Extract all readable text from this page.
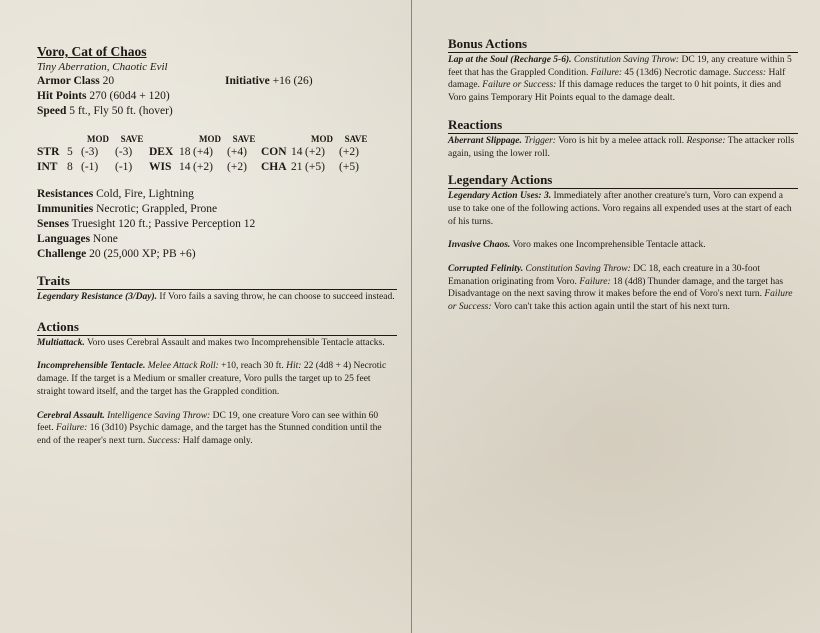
Voro, Cat of Chaos

Tiny Aberration, Chaotic Evil

Armor Class 20	Initiative +16 (26)

Hit Points 270 (60d4 + 120)

Speed 5 ft., Fly 50 ft. (hover)

		MOD	SAVE			MOD	SAVE			MOD	SAVE
STR	5	(-3)	(-3)	DEX	18	(+4)	(+4)	CON	14	(+2)	(+2)
INT	8	(-1)	(-1)	WIS	14	(+2)	(+2)	CHA	21	(+5)	(+5)

Resistances Cold, Fire, Lightning

Immunities Necrotic; Grappled, Prone

Senses Truesight 120 ft.; Passive Perception 12

Languages None

Challenge 20 (25,000 XP; PB +6)

Traits

Legendary Resistance (3/Day). If Voro fails a saving throw, he can choose to succeed instead.

Actions

Multiattack. Voro uses Cerebral Assault and makes two Incomprehensible Tentacle attacks.

Incomprehensible Tentacle. Melee Attack Roll: +10, reach 30 ft. Hit: 22 (4d8 + 4) Necrotic damage. If the target is a Medium or smaller creature, Voro pulls the target up to 25 feet straight toward itself, and the target has the Grappled condition.

Cerebral Assault. Intelligence Saving Throw: DC 19, one creature Voro can see within 60 feet. Failure: 16 (3d10) Psychic damage, and the target has the Stunned condition until the end of the reaper's next turn. Success: Half damage only.

Bonus Actions

Lap at the Soul (Recharge 5-6). Constitution Saving Throw: DC 19, any creature within 5 feet that has the Grappled Condition. Failure: 45 (13d6) Necrotic damage. Success: Half damage. Failure or Success: If this damage reduces the target to 0 hit points, it dies and Voro gains Temporary Hit Points equal to the damage dealt.

Reactions

Aberrant Slippage. Trigger: Voro is hit by a melee attack roll. Response: The attacker rolls again, using the lower roll.

Legendary Actions

Legendary Action Uses: 3. Immediately after another creature's turn, Voro can expend a use to take one of the following actions. Voro regains all expended uses at the start of each of his turns.

Invasive Chaos. Voro makes one Incomprehensible Tentacle attack.

Corrupted Felinity. Constitution Saving Throw: DC 18, each creature in a 30-foot Emanation originating from Voro. Failure: 18 (4d8) Thunder damage, and the target has Disadvantage on the next saving throw it makes before the end of Voro's next turn. Failure or Success: Voro can't take this action again until the start of his next turn.
